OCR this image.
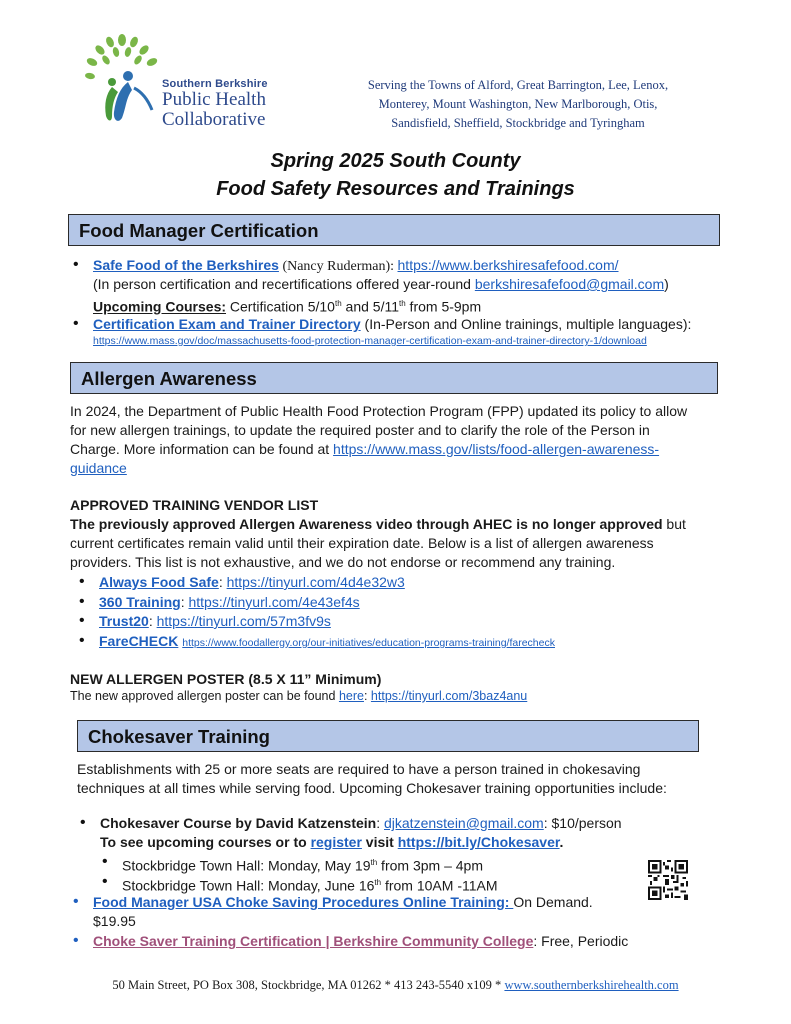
Southern Berkshire
Public Health
Collaborative
Serving the Towns of Alford, Great Barrington, Lee, Lenox,
Monterey, Mount Washington, New Marlborough, Otis,
Sandisfield, Sheffield, Stockbridge and Tyringham
Spring 2025 South County
Food Safety Resources and Trainings
Food Manager Certification
• Safe Food of the Berkshires (Nancy Ruderman): https://www.berkshiresafefood.com/
(In person certification and recertifications offered year-round berkshiresafefood@gmail.com)
Upcoming Courses: Certification 5/10th and 5/11th from 5-9pm
• Certification Exam and Trainer Directory (In-Person and Online trainings, multiple languages):
https://www.mass.gov/doc/massachusetts-food-protection-manager-certification-exam-and-trainer-directory-1/download
Allergen Awareness
In 2024, the Department of Public Health Food Protection Program (FPP) updated its policy to allow
for new allergen trainings, to update the required poster and to clarify the role of the Person in
Charge. More information can be found at https://www.mass.gov/lists/food-allergen-awareness-
guidance
APPROVED TRAINING VENDOR LIST
The previously approved Allergen Awareness video through AHEC is no longer approved but
current certificates remain valid until their expiration date. Below is a list of allergen awareness
providers. This list is not exhaustive, and we do not endorse or recommend any training.
• Always Food Safe: https://tinyurl.com/4d4e32w3
• 360 Training: https://tinyurl.com/4e43ef4s
• Trust20: https://tinyurl.com/57m3fv9s
• FareCHECK https://www.foodallergy.org/our-initiatives/education-programs-training/farecheck
NEW ALLERGEN POSTER (8.5 X 11” Minimum)
The new approved allergen poster can be found here: https://tinyurl.com/3baz4anu
Chokesaver Training
Establishments with 25 or more seats are required to have a person trained in chokesaving
techniques at all times while serving food. Upcoming Chokesaver training opportunities include:
• Chokesaver Course by David Katzenstein: djkatzenstein@gmail.com: $10/person
To see upcoming courses or to register visit https://bit.ly/Chokesaver.
• Stockbridge Town Hall: Monday, May 19th from 3pm – 4pm
• Stockbridge Town Hall: Monday, June 16th from 10AM -11AM
• Food Manager USA Choke Saving Procedures Online Training: On Demand.
$19.95
• Choke Saver Training Certification | Berkshire Community College: Free, Periodic
50 Main Street, PO Box 308, Stockbridge, MA 01262 * 413 243-5540 x109 * www.southernberkshirehealth.com
